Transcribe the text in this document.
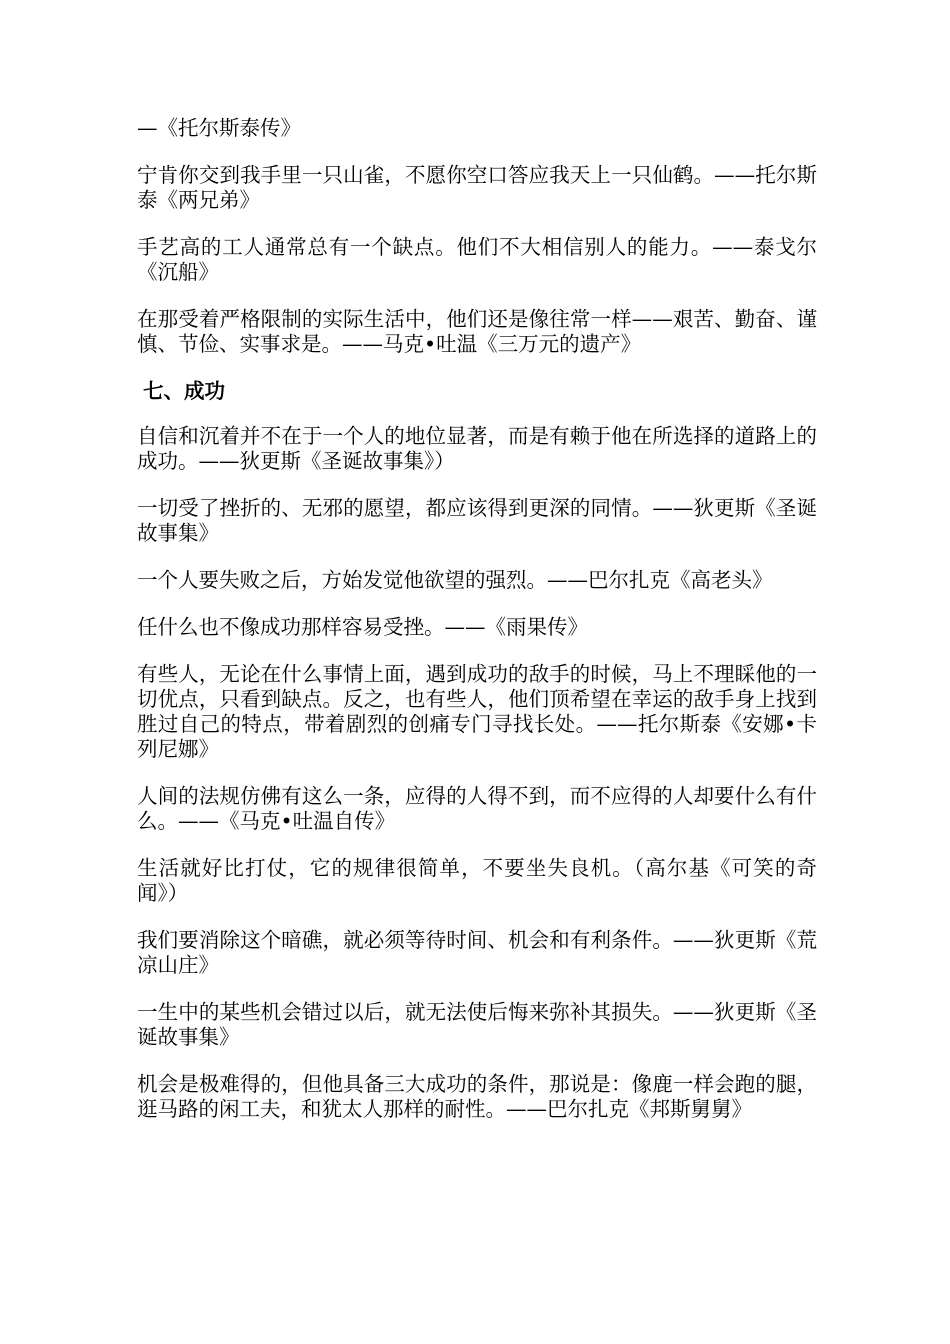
—《托尔斯泰传》

宁肯你交到我手里一只山雀，不愿你空口答应我天上一只仙鹤。——托尔斯泰《两兄弟》

手艺高的工人通常总有一个缺点。他们不大相信别人的能力。——泰戈尔《沉船》

在那受着严格限制的实际生活中，他们还是像往常一样——艰苦、勤奋、谨慎、节俭、实事求是。——马克•吐温《三万元的遗产》

七、成功

自信和沉着并不在于一个人的地位显著，而是有赖于他在所选择的道路上的成功。——狄更斯《圣诞故事集》）

一切受了挫折的、无邪的愿望，都应该得到更深的同情。——狄更斯《圣诞故事集》

一个人要失败之后，方始发觉他欲望的强烈。——巴尔扎克《高老头》

任什么也不像成功那样容易受挫。——《雨果传》

有些人，无论在什么事情上面，遇到成功的敌手的时候，马上不理睬他的一切优点，只看到缺点。反之，也有些人，他们顶希望在幸运的敌手身上找到胜过自己的特点，带着剧烈的创痛专门寻找长处。——托尔斯泰《安娜•卡列尼娜》

人间的法规仿佛有这么一条，应得的人得不到，而不应得的人却要什么有什么。——《马克•吐温自传》

生活就好比打仗，它的规律很简单，不要坐失良机。（高尔基《可笑的奇闻》）

我们要消除这个暗礁，就必须等待时间、机会和有利条件。——狄更斯《荒凉山庄》

一生中的某些机会错过以后，就无法使后悔来弥补其损失。——狄更斯《圣诞故事集》

机会是极难得的，但他具备三大成功的条件，那说是：像鹿一样会跑的腿，逛马路的闲工夫，和犹太人那样的耐性。——巴尔扎克《邦斯舅舅》
